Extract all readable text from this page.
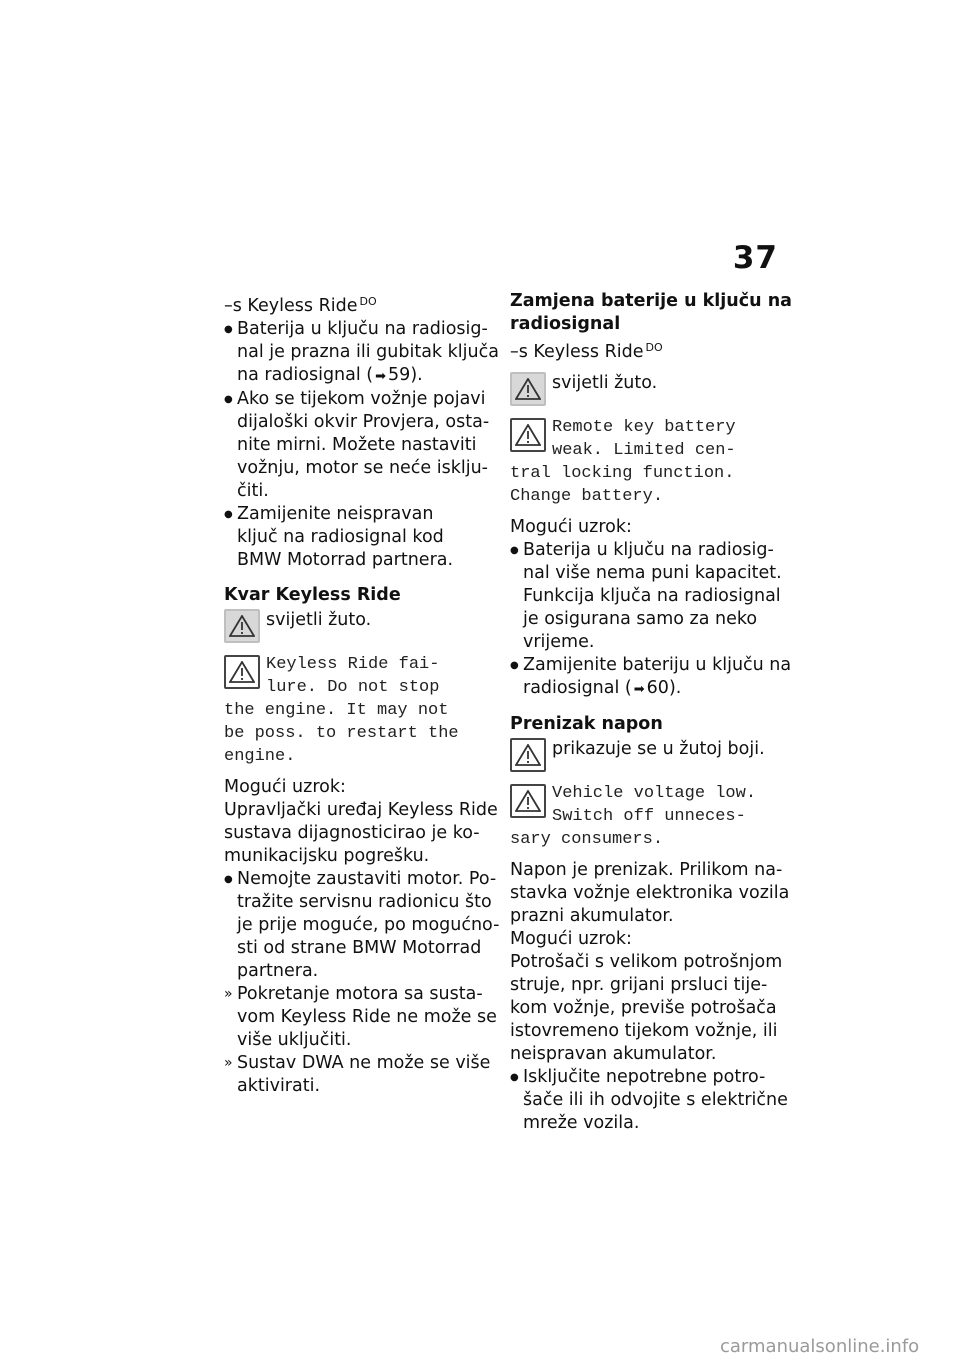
37
–s Keyless Ride $^{DO}$
● Baterija u ključu na radiosig-
nal je prazna ili gubitak ključa
na radiosignal ( ➡ 59).
● Ako se tijekom vožnje pojavi
dijaloški okvir Provjera, osta-
nite mirni. Možete nastaviti
vožnju, motor se neće isklju-
čiti.
● Zamijenite neispravan
ključ na radiosignal kod
BMW Motorrad partnera.
Kvar Keyless Ride
svijetli žuto.
Keyless Ride fai-
lure. Do not stop
the engine. It may not
be poss. to restart the
engine.
Mogući uzrok:
Upravljački uređaj Keyless Ride
sustava dijagnosticirao je ko-
munikacijsku pogrešku.
● Nemojte zaustaviti motor. Po-
tražite servisnu radionicu što
je prije moguće, po mogućno-
sti od strane BMW Motorrad
partnera.
» Pokretanje motora sa susta-
vom Keyless Ride ne može se
više uključiti.
» Sustav DWA ne može se više
aktivirati.
Zamjena baterije u ključu na
radiosignal
–s Keyless Ride $^{DO}$
svijetli žuto.
Remote key battery
weak. Limited cen-
tral locking function.
Change battery.
Mogući uzrok:
● Baterija u ključu na radiosig-
nal više nema puni kapacitet.
Funkcija ključa na radiosignal
je osigurana samo za neko
vrijeme.
● Zamijenite bateriju u ključu na
radiosignal ( ➡ 60).
Prenizak napon
prikazuje se u žutoj boji.
Vehicle voltage low.
Switch off unneces-
sary consumers.
Napon je prenizak. Prilikom na-
stavka vožnje elektronika vozila
prazni akumulator.
Mogući uzrok:
Potrošači s velikom potrošnjom
struje, npr. grijani prsluci tije-
kom vožnje, previše potrošača
istovremeno tijekom vožnje, ili
neispravan akumulator.
● Isključite nepotrebne potro-
šače ili ih odvojite s električne
mreže vozila.
carmanualsonline.info
